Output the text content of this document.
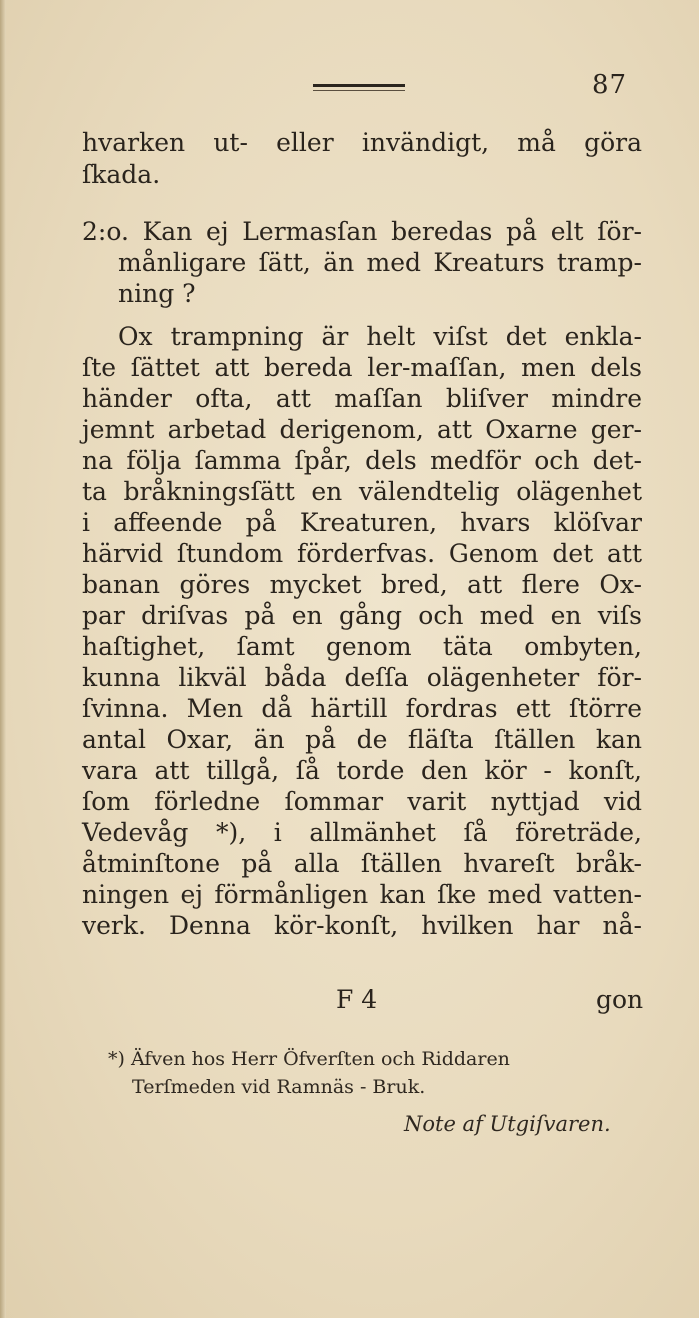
87
hvarken ut- eller invändigt, må göra
ſkada.
2:o. Kan ej Lermasſan beredas på elt ſör-
månligare ſätt, än med Kreaturs tramp-
ning ?
Ox trampning är helt viſst det enkla-
ſte ſättet att bereda ler-maſſan, men dels
händer ofta, att maſſan bliſver mindre
jemnt arbetad derigenom, att Oxarne ger-
na följa ſamma ſpår, dels medför och det-
ta bråkningsſätt en välendtelig olägenhet
i affeende på Kreaturen, hvars klöſvar
härvid ſtundom förderfvas. Genom det att
banan göres mycket bred, att flere Ox-
par driſvas på en gång och med en viſs
haſtighet, ſamt genom täta ombyten,
kunna likväl båda deſſa olägenheter för-
ſvinna. Men då härtill fordras ett ſtörre
antal Oxar, än på de fläſta ſtällen kan
vara att tillgå, ſå torde den kör - konſt,
ſom förledne ſommar varit nyttjad vid
Vedevåg *), i allmänhet ſå företräde,
åtminſtone på alla ſtällen hvareſt bråk-
ningen ej förmånligen kan ſke med vatten-
verk. Denna kör-konſt, hvilken har nå-
F 4	gon
*) Äfven hos Herr Öfverſten och Riddaren
Terſmeden vid Ramnäs - Bruk.
Note af Utgiſvaren.
